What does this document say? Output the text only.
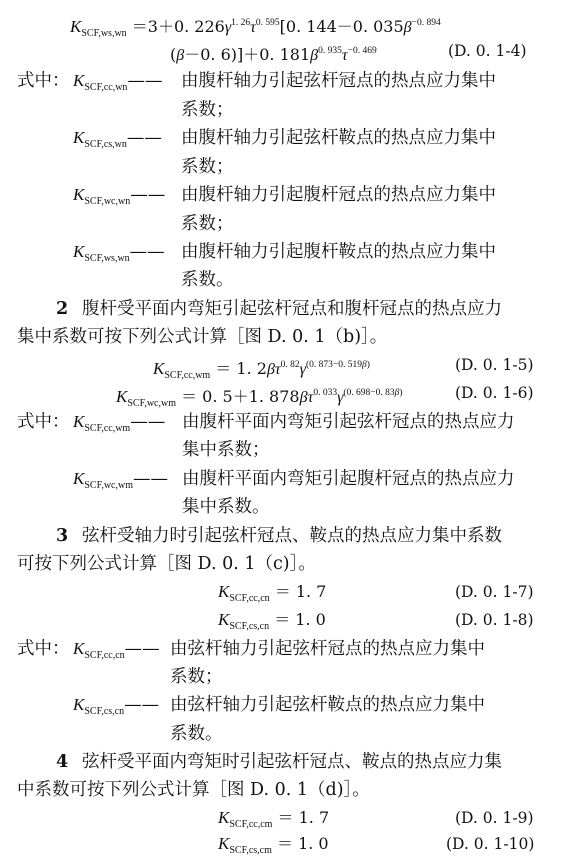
$K_{SCF,ws,wn} =3+0$. $226\gamma^{1. 26}\tau^{0. 595}[0$. 144－0. $035\beta^{-0. 894}$
(β－0. 6)]＋0. $181\beta^{0. 935}\tau^{-0. 469}$	(D. 0. 1-4)
式中： $K_{SCF,cc,wn}——$ 由腹杆轴力引起弦杆冠点的热点应力集中
系数；
$K_{SCF,cs,wn}——$ 由腹杆轴力引起弦杆鞍点的热点应力集中
系数；
$K_{SCF,wc,wn}——$ 由腹杆轴力引起腹杆冠点的热点应力集中
系数；
$K_{SCF,ws,wn}——$ 由腹杆轴力引起腹杆鞍点的热点应力集中
系数。
2 腹杆受平面内弯矩引起弦杆冠点和腹杆冠点的热点应力
集中系数可按下列公式计算［图 D. 0. 1（b)］。
$K_{SCF,cc,wm} = 1$. $2\beta\tau^{0. 82}\gamma^{(0. 873-0. 519\beta)}$	(D. 0. 1-5)
$K_{SCF,wc,wm} = 0$. 5＋1. $878\beta\tau^{0. 033}\gamma^{(0. 698-0. 83\beta)}$	(D. 0. 1-6)
式中： $K_{SCF,cc,wm}——$ 由腹杆平面内弯矩引起弦杆冠点的热点应力
集中系数；
$K_{SCF,wc,wm}——$ 由腹杆平面内弯矩引起腹杆冠点的热点应力
集中系数。
3 弦杆受轴力时引起弦杆冠点、鞍点的热点应力集中系数
可按下列公式计算［图 D. 0. 1（c)］。
$K_{SCF,cc,cn} = 1$. 7	(D. 0. 1-7)
$K_{SCF,cs,cn} = 1$. 0	(D. 0. 1-8)
式中： $K_{SCF,cc,cn}——$ 由弦杆轴力引起弦杆冠点的热点应力集中
系数；
$K_{SCF,cs,cn}——$ 由弦杆轴力引起弦杆鞍点的热点应力集中
系数。
4 弦杆受平面内弯矩时引起弦杆冠点、鞍点的热点应力集
中系数可按下列公式计算［图 D. 0. 1（d)］。
$K_{SCF,cc,cm} = 1$. 7	(D. 0. 1-9)
$K_{SCF,cs,cm} = 1$. 0	(D. 0. 1-10)
